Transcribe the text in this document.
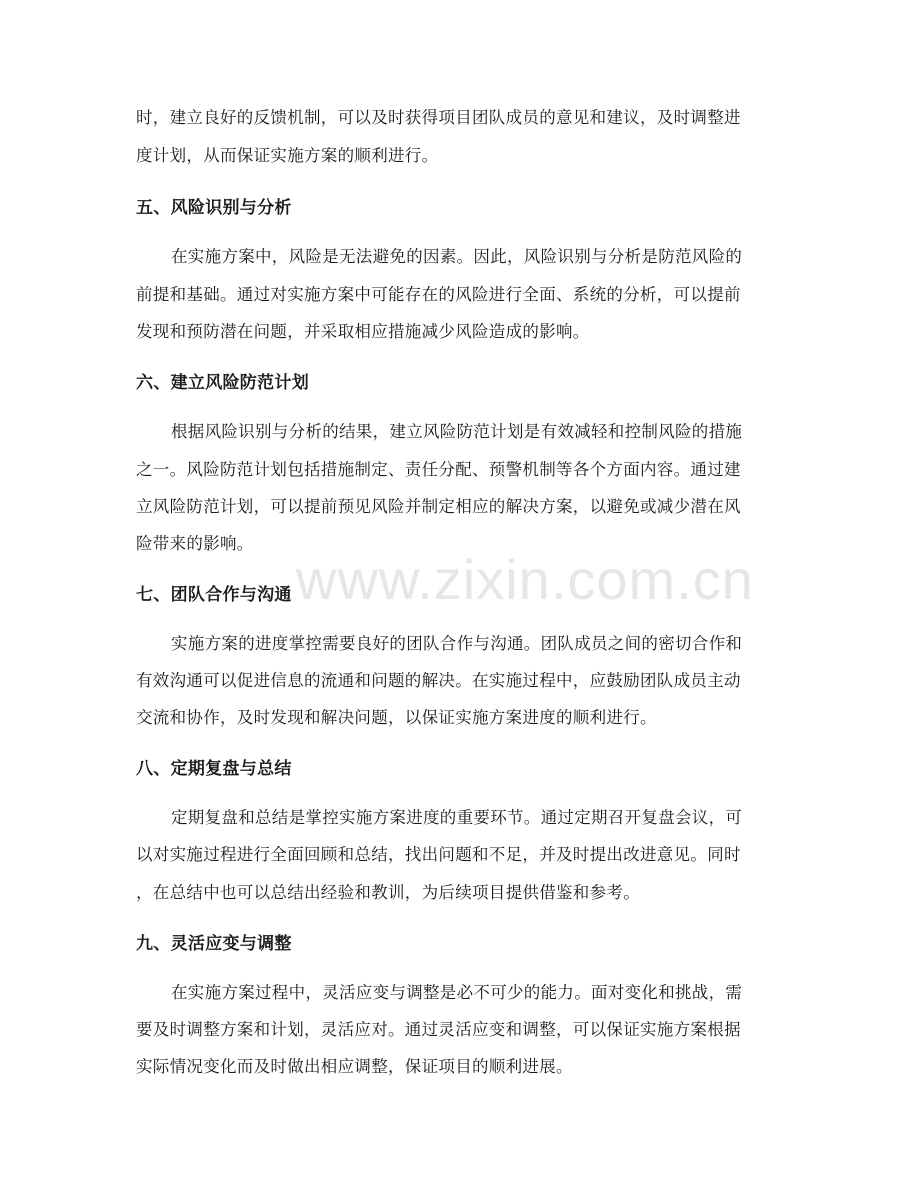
www.zixin.com.cn
时，建立良好的反馈机制，可以及时获得项目团队成员的意见和建议，及时调整进
度计划，从而保证实施方案的顺利进行。
五、风险识别与分析
在实施方案中，风险是无法避免的因素。因此，风险识别与分析是防范风险的
前提和基础。通过对实施方案中可能存在的风险进行全面、系统的分析，可以提前
发现和预防潜在问题，并采取相应措施减少风险造成的影响。
六、建立风险防范计划
根据风险识别与分析的结果，建立风险防范计划是有效减轻和控制风险的措施
之一。风险防范计划包括措施制定、责任分配、预警机制等各个方面内容。通过建
立风险防范计划，可以提前预见风险并制定相应的解决方案，以避免或减少潜在风
险带来的影响。
七、团队合作与沟通
实施方案的进度掌控需要良好的团队合作与沟通。团队成员之间的密切合作和
有效沟通可以促进信息的流通和问题的解决。在实施过程中，应鼓励团队成员主动
交流和协作，及时发现和解决问题，以保证实施方案进度的顺利进行。
八、定期复盘与总结
定期复盘和总结是掌控实施方案进度的重要环节。通过定期召开复盘会议，可
以对实施过程进行全面回顾和总结，找出问题和不足，并及时提出改进意见。同时
，在总结中也可以总结出经验和教训，为后续项目提供借鉴和参考。
九、灵活应变与调整
在实施方案过程中，灵活应变与调整是必不可少的能力。面对变化和挑战，需
要及时调整方案和计划，灵活应对。通过灵活应变和调整，可以保证实施方案根据
实际情况变化而及时做出相应调整，保证项目的顺利进展。
